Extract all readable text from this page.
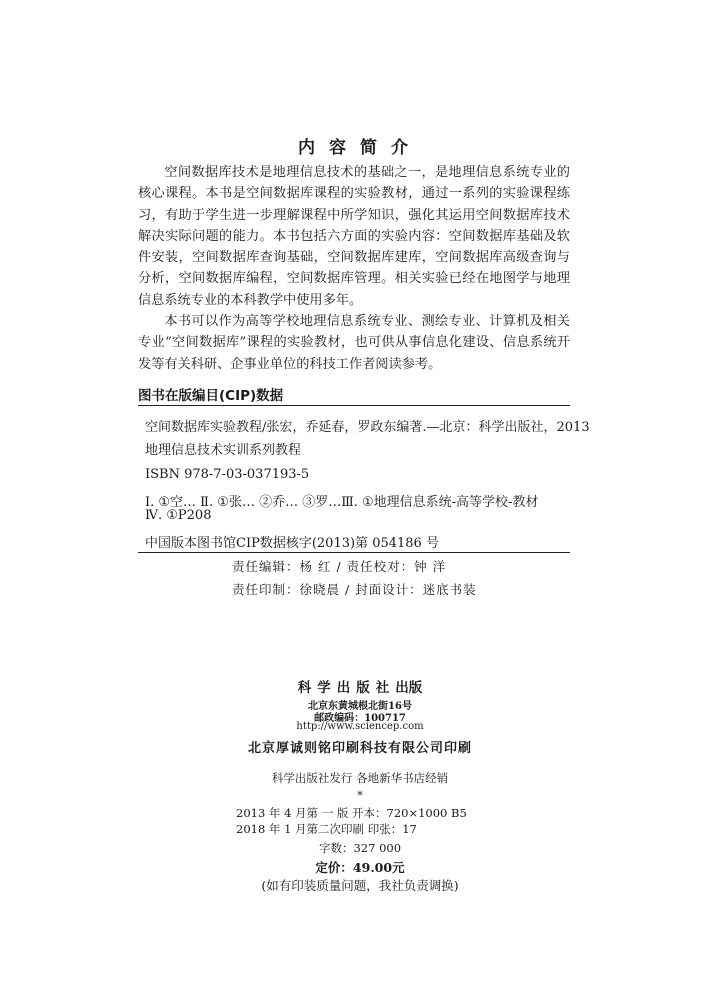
内容简介

空间数据库技术是地理信息技术的基础之一，是地理信息系统专业的核心课程。本书是空间数据库课程的实验教材，通过一系列的实验课程练习，有助于学生进一步理解课程中所学知识，强化其运用空间数据库技术解决实际问题的能力。本书包括六方面的实验内容：空间数据库基础及软件安装，空间数据库查询基础，空间数据库建库，空间数据库高级查询与分析，空间数据库编程，空间数据库管理。相关实验已经在地图学与地理信息系统专业的本科教学中使用多年。

本书可以作为高等学校地理信息系统专业、测绘专业、计算机及相关专业“空间数据库”课程的实验教材，也可供从事信息化建设、信息系统开发等有关科研、企事业单位的科技工作者阅读参考。

图书在版编目(CIP)数据
空间数据库实验教程/张宏，乔延春，罗政东编著.—北京：科学出版社，2013
地理信息技术实训系列教程
ISBN 978-7-03-037193-5
Ⅰ. ①空… Ⅱ. ①张… ②乔… ③罗…Ⅲ. ①地理信息系统-高等学校-教材
Ⅳ. ①P208
中国版本图书馆CIP数据核字(2013)第 054186 号
责任编辑：杨 红 / 责任校对：钟 洋
责任印制：徐晓晨 / 封面设计：迷底书装
科学出版社出版
北京东黄城根北街16号
邮政编码：100717
http://www.sciencep.com
北京厚诚则铭印刷科技有限公司印刷
科学出版社发行 各地新华书店经销
*
2013 年 4 月第 一 版 开本：720×1000 B5
2018 年 1 月第二次印刷 印张：17
字数：327 000
定价：49.00元
(如有印装质量问题，我社负责调换)
